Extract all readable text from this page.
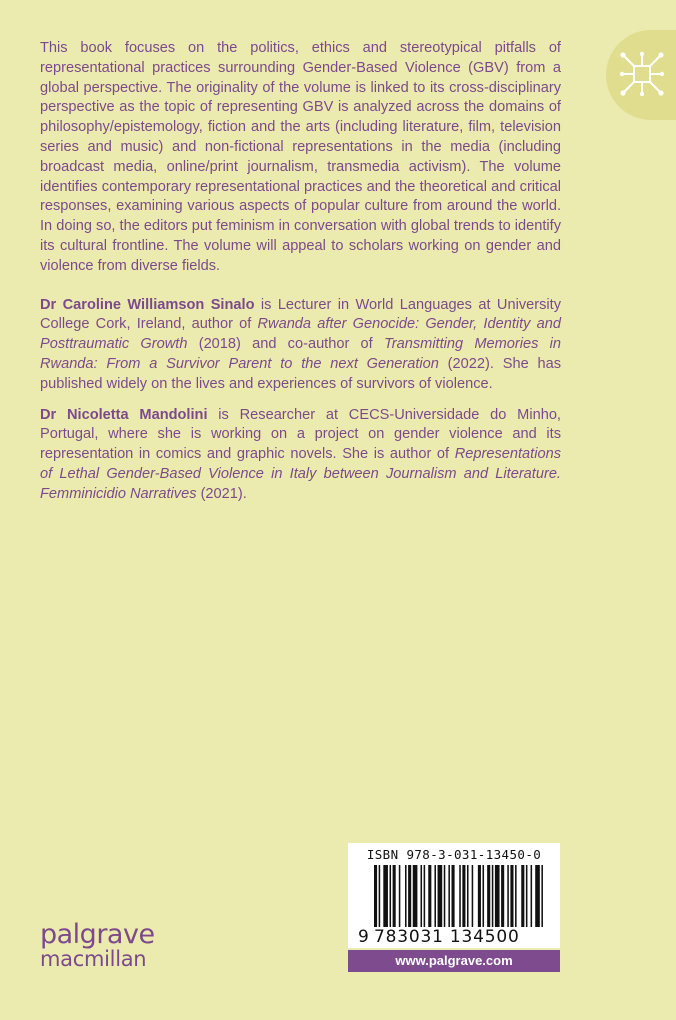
This book focuses on the politics, ethics and stereotypical pitfalls of representational practices surrounding Gender-Based Violence (GBV) from a global perspective. The originality of the volume is linked to its cross-disciplinary perspective as the topic of representing GBV is analyzed across the domains of philosophy/epistemology, fiction and the arts (including literature, film, television series and music) and non-fictional representations in the media (including broadcast media, online/print journalism, transmedia activism). The volume identifies contemporary representational practices and the theoretical and critical responses, examining various aspects of popular culture from around the world. In doing so, the editors put feminism in conversation with global trends to identify its cultural frontline. The volume will appeal to scholars working on gender and violence from diverse fields.

Dr Caroline Williamson Sinalo is Lecturer in World Languages at University College Cork, Ireland, author of Rwanda after Genocide: Gender, Identity and Posttraumatic Growth (2018) and co-author of Transmitting Memories in Rwanda: From a Survivor Parent to the next Generation (2022). She has published widely on the lives and experiences of survivors of violence.

Dr Nicoletta Mandolini is Researcher at CECS-Universidade do Minho, Portugal, where she is working on a project on gender violence and its representation in comics and graphic novels. She is author of Representations of Lethal Gender-Based Violence in Italy between Journalism and Literature. Femminicidio Narratives (2021).

palgrave
macmillan
ISBN 978-3-031-13450-0
9 783031 134500
www.palgrave.com
